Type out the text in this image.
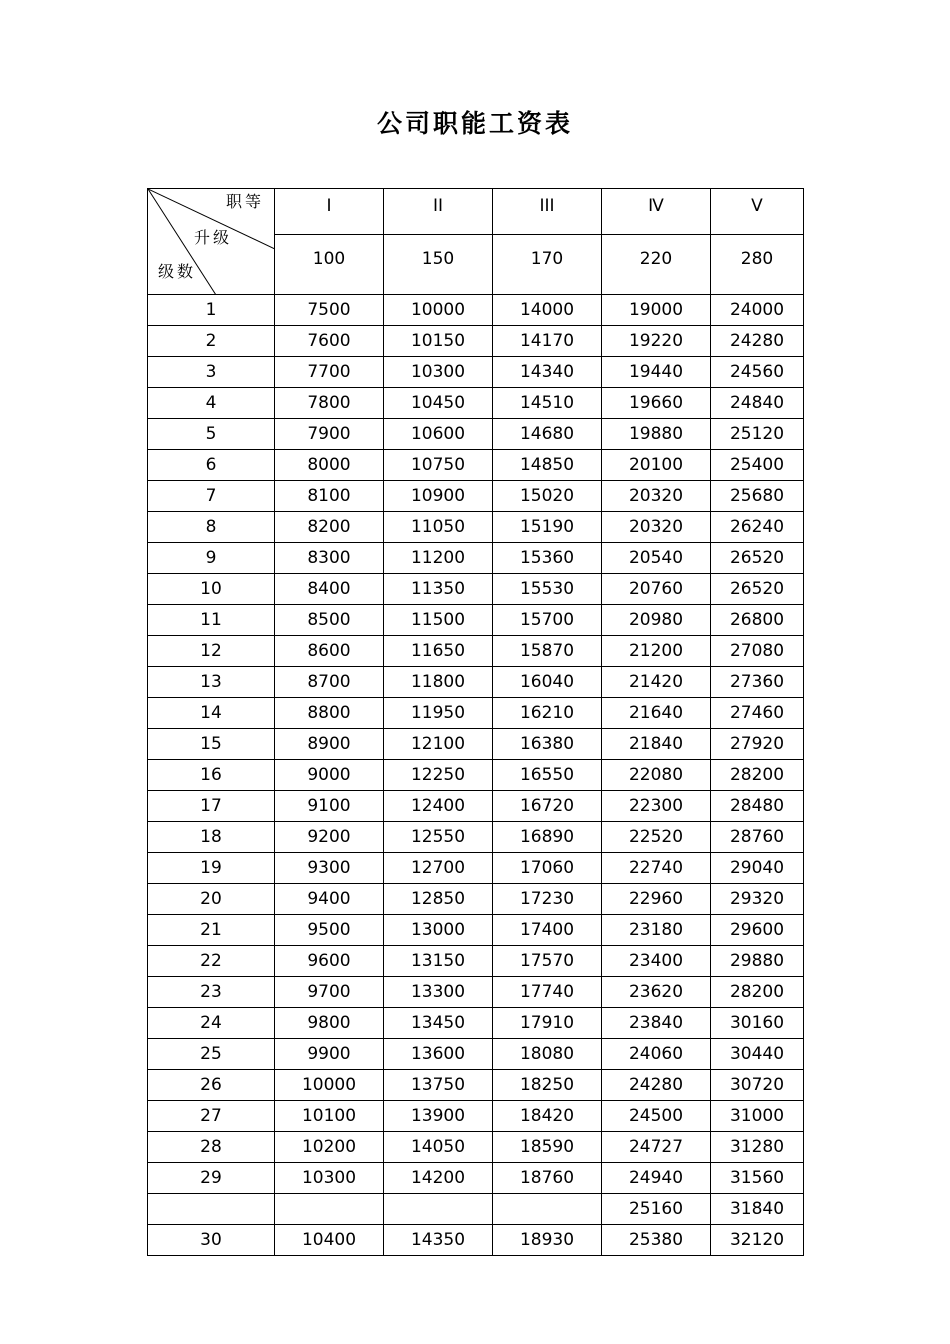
公司职能工资表
职等
升级
级数	I	II	III	Ⅳ	V
	100	150	170	220	280
1	7500	10000	14000	19000	24000
2	7600	10150	14170	19220	24280
3	7700	10300	14340	19440	24560
4	7800	10450	14510	19660	24840
5	7900	10600	14680	19880	25120
6	8000	10750	14850	20100	25400
7	8100	10900	15020	20320	25680
8	8200	11050	15190	20320	26240
9	8300	11200	15360	20540	26520
10	8400	11350	15530	20760	26520
11	8500	11500	15700	20980	26800
12	8600	11650	15870	21200	27080
13	8700	11800	16040	21420	27360
14	8800	11950	16210	21640	27460
15	8900	12100	16380	21840	27920
16	9000	12250	16550	22080	28200
17	9100	12400	16720	22300	28480
18	9200	12550	16890	22520	28760
19	9300	12700	17060	22740	29040
20	9400	12850	17230	22960	29320
21	9500	13000	17400	23180	29600
22	9600	13150	17570	23400	29880
23	9700	13300	17740	23620	28200
24	9800	13450	17910	23840	30160
25	9900	13600	18080	24060	30440
26	10000	13750	18250	24280	30720
27	10100	13900	18420	24500	31000
28	10200	14050	18590	24727	31280
29	10300	14200	18760	24940	31560
				25160	31840
30	10400	14350	18930	25380	32120
